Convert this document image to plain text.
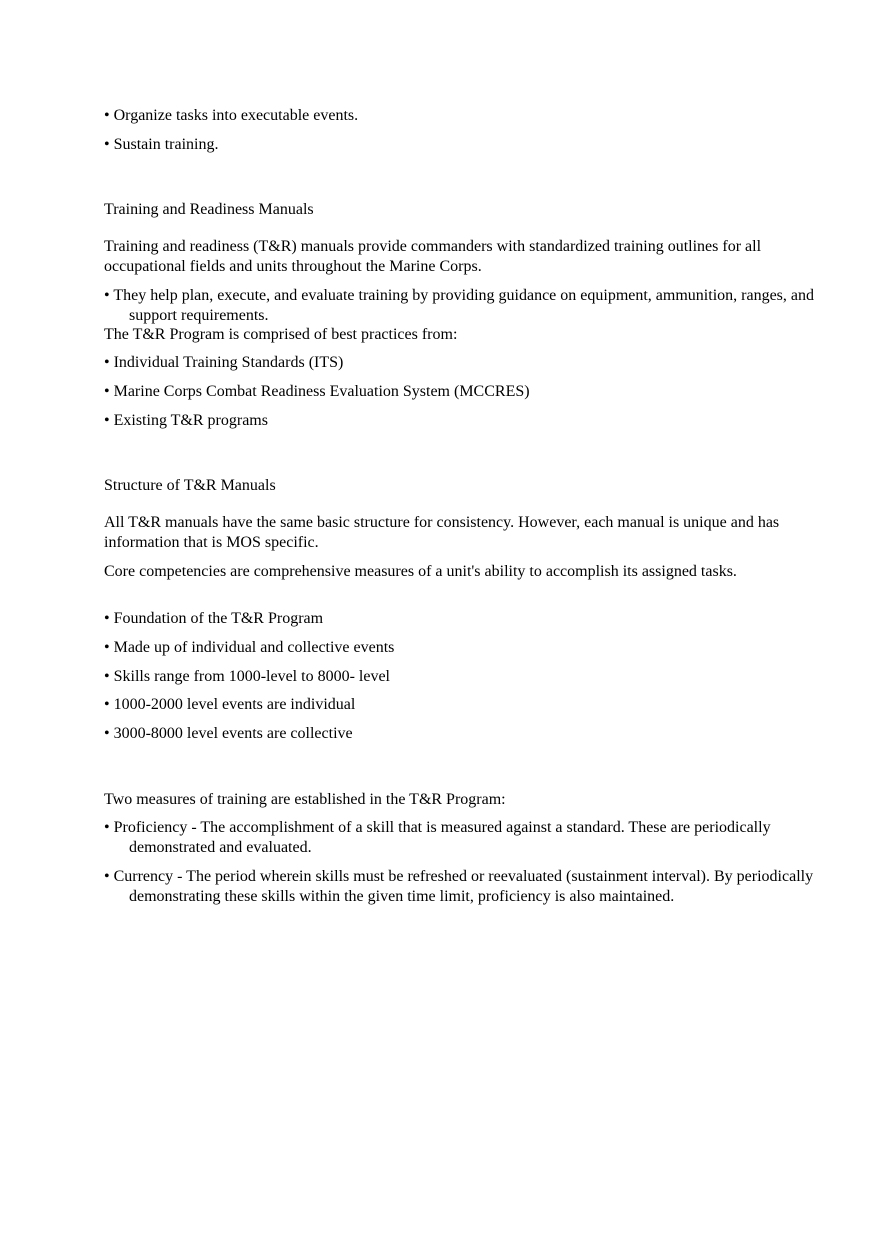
• Organize tasks into executable events.

• Sustain training.

Training and Readiness Manuals

Training and readiness (T&R) manuals provide commanders with standardized training outlines for all occupational fields and units throughout the Marine Corps.

• They help plan, execute, and evaluate training by providing guidance on equipment, ammunition, ranges, and support requirements.

The T&R Program is comprised of best practices from:

• Individual Training Standards (ITS)

• Marine Corps Combat Readiness Evaluation System (MCCRES)

• Existing T&R programs

Structure of T&R Manuals

All T&R manuals have the same basic structure for consistency. However, each manual is unique and has information that is MOS specific.

Core competencies are comprehensive measures of a unit's ability to accomplish its assigned tasks.

• Foundation of the T&R Program

• Made up of individual and collective events

• Skills range from 1000-level to 8000- level

• 1000-2000 level events are individual

• 3000-8000 level events are collective

Two measures of training are established in the T&R Program:

• Proficiency - The accomplishment of a skill that is measured against a standard. These are periodically demonstrated and evaluated.

• Currency - The period wherein skills must be refreshed or reevaluated (sustainment interval). By periodically demonstrating these skills within the given time limit, proficiency is also maintained.
